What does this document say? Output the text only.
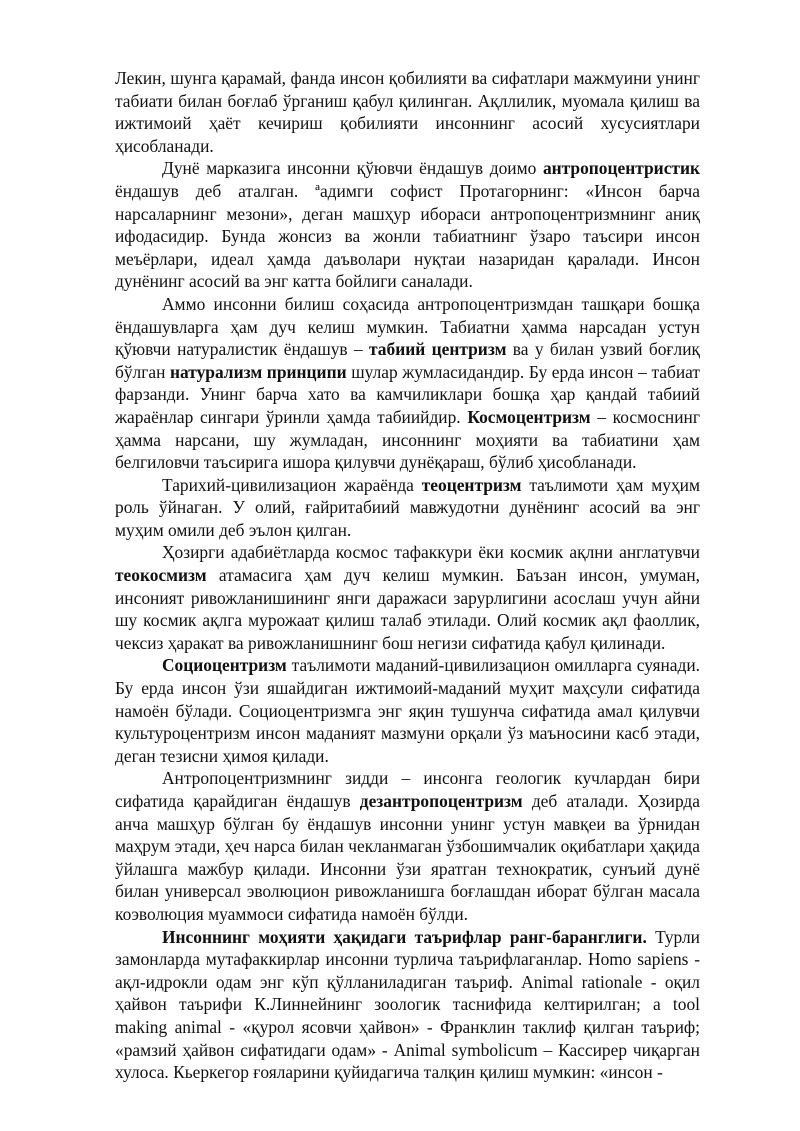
Лекин, шунга қарамай, фанда инсон қобилияти ва сифатлари мажмуини унинг табиати билан боғлаб ўрганиш қабул қилинган. Ақллилик, муомала қилиш ва ижтимоий ҳаёт кечириш қобилияти инсоннинг асосий хусусиятлари ҳисобланади.

Дунё марказига инсонни қўювчи ёндашув доимо антропоцентристик ёндашув деб аталган. ªадимги софист Протагорнинг: «Инсон барча нарсаларнинг мезони», деган машҳур ибораси антропоцентризмнинг аниқ ифодасидир. Бунда жонсиз ва жонли табиатнинг ўзаро таъсири инсон меъёрлари, идеал ҳамда даъволари нуқтаи назаридан қаралади. Инсон дунёнинг асосий ва энг катта бойлиги саналади.

Аммо инсонни билиш соҳасида антропоцентризмдан ташқари бошқа ёндашувларга ҳам дуч келиш мумкин. Табиатни ҳамма нарсадан устун қўювчи натуралистик ёндашув – табиий центризм ва у билан узвий боғлиқ бўлган натурализм принципи шулар жумласидандир. Бу ерда инсон – табиат фарзанди. Унинг барча хато ва камчиликлари бошқа ҳар қандай табиий жараёнлар сингари ўринли ҳамда табиийдир. Космоцентризм – космоснинг ҳамма нарсани, шу жумладан, инсоннинг моҳияти ва табиатини ҳам белгиловчи таъсирига ишора қилувчи дунёқараш, бўлиб ҳисобланади.

Тарихий-цивилизацион жараёнда теоцентризм таълимоти ҳам муҳим роль ўйнаган. У олий, ғайритабиий мавжудотни дунёнинг асосий ва энг муҳим омили деб эълон қилган.

Ҳозирги адабиётларда космос тафаккури ёки космик ақлни англатувчи теокосмизм атамасига ҳам дуч келиш мумкин. Баъзан инсон, умуман, инсоният ривожланишининг янги даражаси зарурлигини асослаш учун айни шу космик ақлга мурожаат қилиш талаб этилади. Олий космик ақл фаоллик, чексиз ҳаракат ва ривожланишнинг бош негизи сифатида қабул қилинади.

Социоцентризм таълимоти маданий-цивилизацион омилларга суянади. Бу ерда инсон ўзи яшайдиган ижтимоий-маданий муҳит маҳсули сифатида намоён бўлади. Социоцентризмга энг яқин тушунча сифатида амал қилувчи культуроцентризм инсон маданият мазмуни орқали ўз маъносини касб этади, деган тезисни ҳимоя қилади.

Антропоцентризмнинг зидди – инсонга геологик кучлардан бири сифатида қарайдиган ёндашув дезантропоцентризм деб аталади. Ҳозирда анча машҳур бўлган бу ёндашув инсонни унинг устун мавқеи ва ўрнидан маҳрум этади, ҳеч нарса билан чекланмаган ўзбошимчалик оқибатлари ҳақида ўйлашга мажбур қилади. Инсонни ўзи яратган технократик, сунъий дунё билан универсал эволюцион ривожланишга боғлашдан иборат бўлган масала коэволюция муаммоси сифатида намоён бўлди.

Инсоннинг моҳияти ҳақидаги таърифлар ранг-баранглиги. Турли замонларда мутафаккирлар инсонни турлича таърифлаганлар. Homo sapiens - ақл-идрокли одам энг кўп қўлланиладиган таъриф. Animal rationale - оқил ҳайвон таърифи К.Линнейнинг зоологик таснифида келтирилган; a tool making animal - «қурол ясовчи ҳайвон» - Франклин таклиф қилган таъриф; «рамзий ҳайвон сифатидаги одам» - Animal symbolicum – Кассирер чиқарган хулоса. Кьеркегор ғояларини қуйидагича талқин қилиш мумкин: «инсон -
